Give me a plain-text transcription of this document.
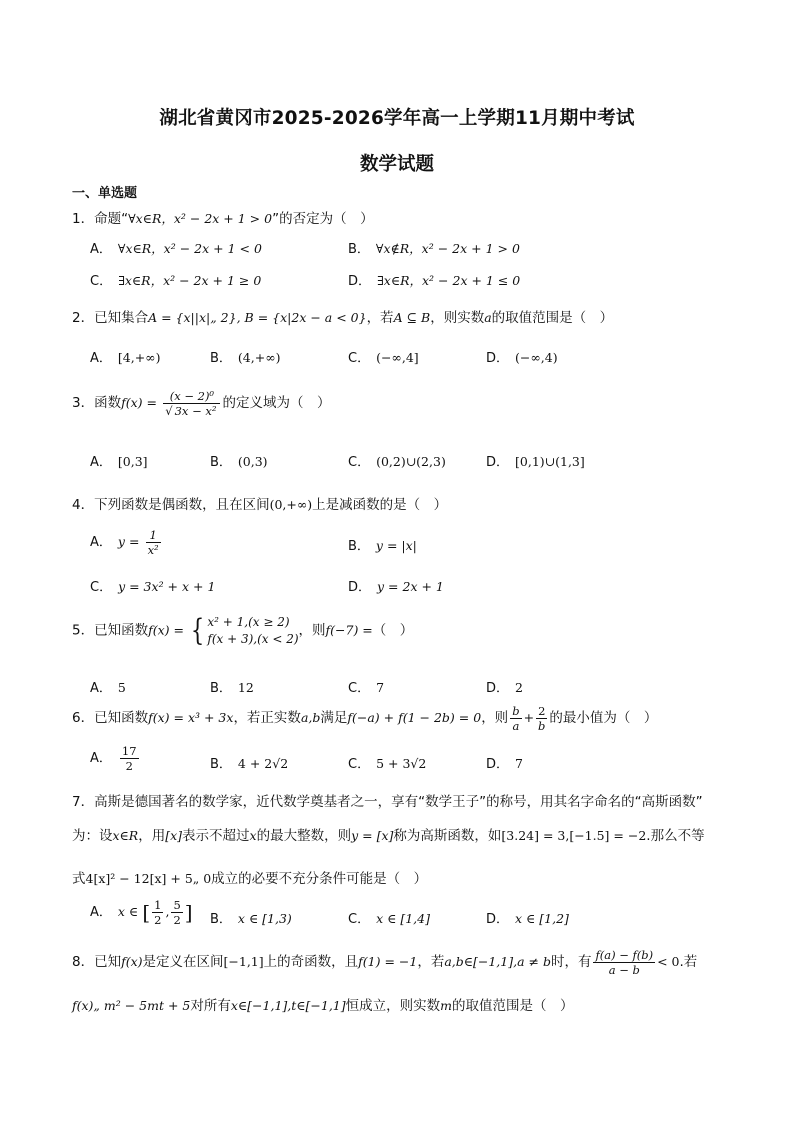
湖北省黄冈市2025-2026学年高一上学期11月期中考试
数学试题
一、单选题
1．命题“∀x∈R，x² − 2x + 1 > 0”的否定为（　）
A． ∀x∈R，x² − 2x + 1 < 0	B． ∀x∉R，x² − 2x + 1 > 0
C． ∃x∈R，x² − 2x + 1 ≥ 0	D． ∃x∈R，x² − 2x + 1 ≤ 0
2．已知集合A = {x||x|„ 2}, B = {x|2x − a < 0}，若A ⊆ B，则实数a的取值范围是（　）
A． [4,+∞)	B． (4,+∞)	C． (−∞,4]	D． (−∞,4)
3．函数$f(x) = \frac{\text{(x − 2)⁰}}{\text{√ 3x − x²}}$ 的定义域为（　）
A． [0,3]	B． (0,3)	C． (0,2)∪(2,3)	D． [0,1)∪(1,3]
4．下列函数是偶函数，且在区间(0,+∞)上是减函数的是（　）
A． $y = \frac{1}{\text{x²}}$	B． y = |x|
C． y = 3x² + x + 1	D． y = 2x + 1
5．已知函数f(x) = { x² + 1,(x ≥ 2)
f(x + 3),(x < 2)
，则f(−7) =（　）
A． 5	B． 12	C． 7	D． 2
6．已知函数f(x) = x³ + 3x，若正实数a,b满足f(−a) + f(1 − 2b) = 0，则 $\frac{b}{a} + \frac{2}{b}$ 的最小值为（　）
A． $\frac{17}{2}$	B． 4 + 2√2	C． 5 + 3√2	D． 7
7．高斯是德国著名的数学家，近代数学奠基者之一，享有“数学王子”的称号，用其名字命名的“高斯函数”
为：设x∈R，用[x]表示不超过x的最大整数，则y = [x]称为高斯函数，如[3.24] = 3,[−1.5] = −2.那么不等
式4[x]² − 12[x] + 5„ 0成立的必要不充分条件可能是（　）
A． x ∈ [ $\frac{1}{2}$ , $\frac{5}{2}$ ] B． x ∈ [1,3)	C． x ∈ [1,4]	D． x ∈ [1,2]
8．已知f(x)是定义在区间[−1,1]上的奇函数，且f(1) = −1，若a,b∈[−1,1],a ≠ b时，有 $\frac{f(a) - f(b)}{a - b} < 0$.若
f(x)„ m² − 5mt + 5对所有x∈[−1,1],t∈[−1,1]恒成立，则实数m的取值范围是（　）
